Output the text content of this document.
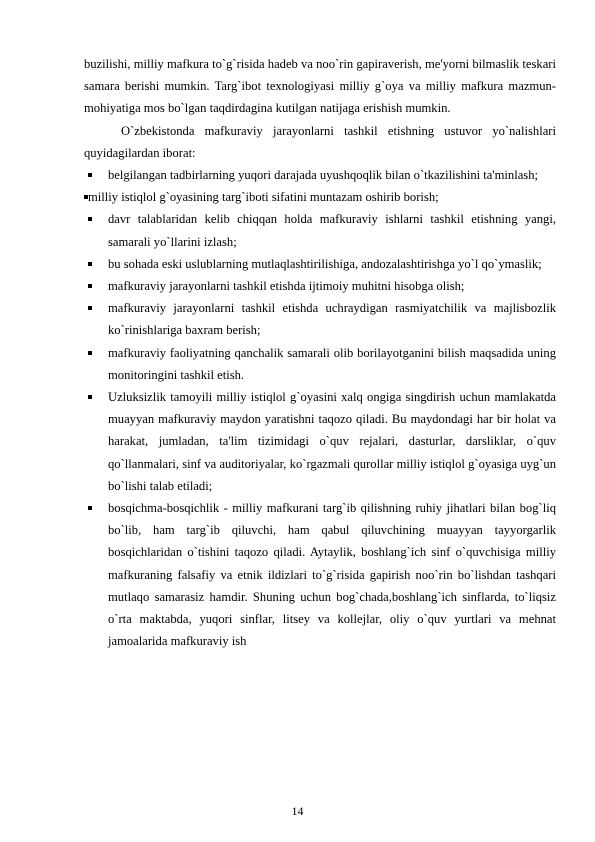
buzilishi, milliy mafkura to`g`risida hadeb va noo`rin gapiraverish, me'yorni bilmaslik teskari samara berishi mumkin. Targ`ibot texnologiyasi milliy g`oya va milliy mafkura mazmun-mohiyatiga mos bo`lgan taqdirdagina kutilgan natijaga erishish mumkin.

O`zbekistonda mafkuraviy jarayonlarni tashkil etishning ustuvor yo`nalishlari quyidagilardan iborat:

belgilangan tadbirlarning yuqori darajada uyushqoqlik bilan o`tkazilishini ta'minlash;
milliy istiqlol g`oyasining targ`iboti sifatini muntazam oshirib borish;
davr talablaridan kelib chiqqan holda mafkuraviy ishlarni tashkil etishning yangi, samarali yo`llarini izlash;
bu sohada eski uslublarning mutlaqlashtirilishiga, andozalashtirishga yo`l qo`ymaslik;
mafkuraviy jarayonlarni tashkil etishda ijtimoiy muhitni hisobga olish;
mafkuraviy jarayonlarni tashkil etishda uchraydigan rasmiyatchilik va majlisbozlik ko`rinishlariga baxram berish;
mafkuraviy faoliyatning qanchalik samarali olib borilayotganini bilish maqsadida uning monitoringini tashkil etish.
Uzluksizlik tamoyili milliy istiqlol g`oyasini xalq ongiga singdirish uchun mamlakatda muayyan mafkuraviy maydon yaratishni taqozo qiladi. Bu maydondagi har bir holat va harakat, jumladan, ta'lim tizimidagi o`quv rejalari, dasturlar, darsliklar, o`quv qo`llanmalari, sinf va auditoriyalar, ko`rgazmali qurollar milliy istiqlol g`oyasiga uyg`un bo`lishi talab etiladi;
bosqichma-bosqichlik - milliy mafkurani targ`ib qilishning ruhiy jihatlari bilan bog`liq bo`lib, ham targ`ib qiluvchi, ham qabul qiluvchining muayyan tayyorgarlik bosqichlaridan o`tishini taqozo qiladi. Aytaylik, boshlang`ich sinf o`quvchisiga milliy mafkuraning falsafiy va etnik ildizlari to`g`risida gapirish noo`rin bo`lishdan tashqari mutlaqo samarasiz hamdir. Shuning uchun bog`chada,boshlang`ich sinflarda, to`liqsiz o`rta maktabda, yuqori sinflar, litsey va kollejlar, oliy o`quv yurtlari va mehnat jamoalarida mafkuraviy ish
14
